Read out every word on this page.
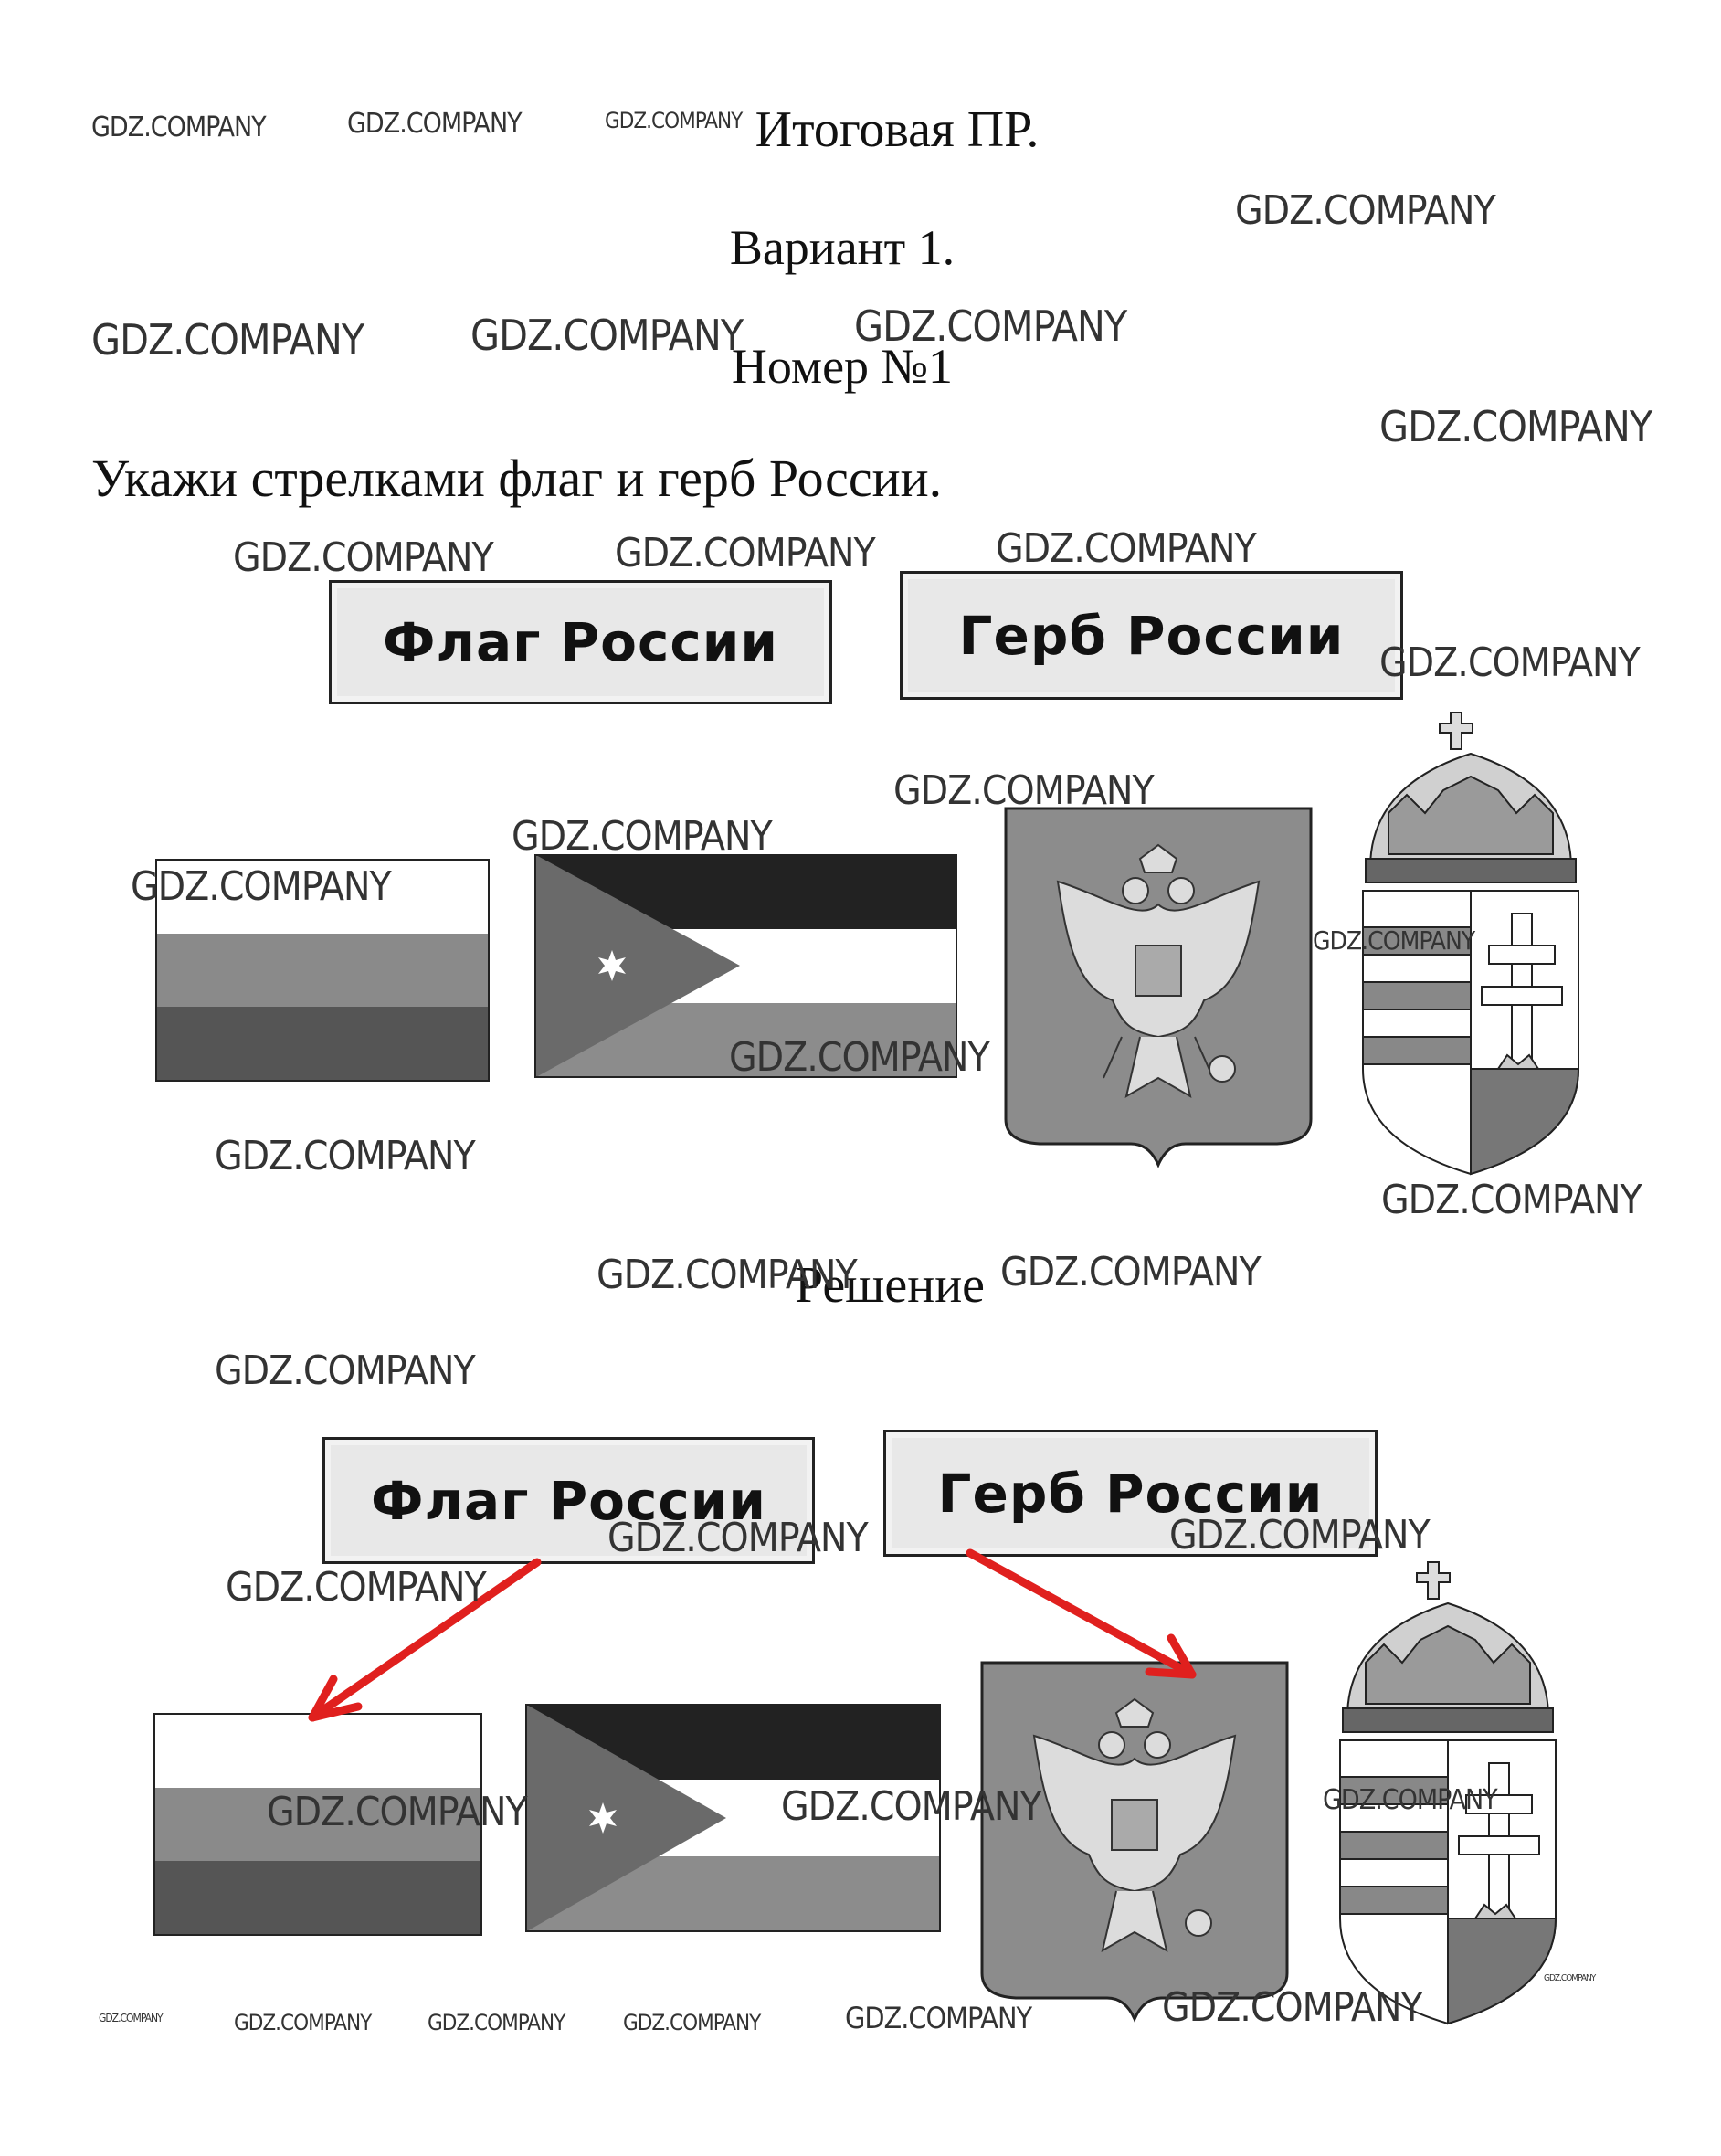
Итоговая ПР.
Вариант 1.
Номер №1
Укажи стрелками флаг и герб России.
Флаг России	Герб России
Решение
Флаг России	Герб России
GDZ.COMPANY	GDZ.COMPANY	GDZ.COMPANY
GDZ.COMPANY
GDZ.COMPANY	GDZ.COMPANY	GDZ.COMPANY
GDZ.COMPANY
GDZ.COMPANY	GDZ.COMPANY	GDZ.COMPANY
GDZ.COMPANY
GDZ.COMPANY
GDZ.COMPANY
GDZ.COMPANY
GDZ.COMPANY
GDZ.COMPANY
GDZ.COMPANY
GDZ.COMPANY
GDZ.COMPANY	GDZ.COMPANY
GDZ.COMPANY
GDZ.COMPANY	GDZ.COMPANY
GDZ.COMPANY
GDZ.COMPANY	GDZ.COMPANY	GDZ.COMPANY
GDZ.COMPANY
GDZ.COMPANY	GDZ.COMPANY	GDZ.COMPANY	GDZ.COMPANY	GDZ.COMPANY
GDZ.COMPANY
